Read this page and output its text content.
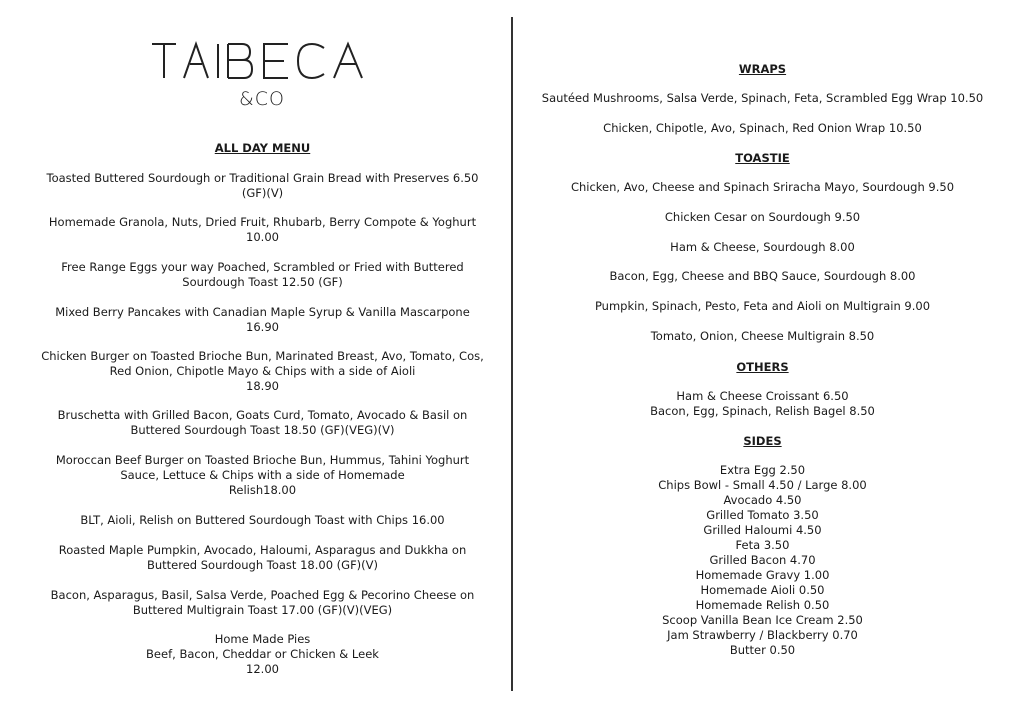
&CO
ALL DAY MENU
Toasted Buttered Sourdough or Traditional Grain Bread with Preserves 6.50
(GF)(V)
Homemade Granola, Nuts, Dried Fruit, Rhubarb, Berry Compote & Yoghurt
10.00
Free Range Eggs your way Poached, Scrambled or Fried with Buttered
Sourdough Toast 12.50 (GF)
Mixed Berry Pancakes with Canadian Maple Syrup & Vanilla Mascarpone
16.90
Chicken Burger on Toasted Brioche Bun, Marinated Breast, Avo, Tomato, Cos,
Red Onion, Chipotle Mayo & Chips with a side of Aioli
18.90
Bruschetta with Grilled Bacon, Goats Curd, Tomato, Avocado & Basil on
Buttered Sourdough Toast 18.50 (GF)(VEG)(V)
Moroccan Beef Burger on Toasted Brioche Bun, Hummus, Tahini Yoghurt
Sauce, Lettuce & Chips with a side of Homemade
Relish18.00
BLT, Aioli, Relish on Buttered Sourdough Toast with Chips 16.00
Roasted Maple Pumpkin, Avocado, Haloumi, Asparagus and Dukkha on
Buttered Sourdough Toast 18.00 (GF)(V)
Bacon, Asparagus, Basil, Salsa Verde, Poached Egg & Pecorino Cheese on
Buttered Multigrain Toast 17.00 (GF)(V)(VEG)
Home Made Pies
Beef, Bacon, Cheddar or Chicken & Leek
12.00
WRAPS
Sautéed Mushrooms, Salsa Verde, Spinach, Feta, Scrambled Egg Wrap 10.50
Chicken, Chipotle, Avo, Spinach, Red Onion Wrap 10.50
TOASTIE
Chicken, Avo, Cheese and Spinach Sriracha Mayo, Sourdough 9.50
Chicken Cesar on Sourdough 9.50
Ham & Cheese, Sourdough 8.00
Bacon, Egg, Cheese and BBQ Sauce, Sourdough 8.00
Pumpkin, Spinach, Pesto, Feta and Aioli on Multigrain 9.00
Tomato, Onion, Cheese Multigrain 8.50
OTHERS
Ham & Cheese Croissant 6.50
Bacon, Egg, Spinach, Relish Bagel 8.50
SIDES
Extra Egg 2.50
Chips Bowl - Small 4.50 / Large 8.00
Avocado 4.50
Grilled Tomato 3.50
Grilled Haloumi 4.50
Feta 3.50
Grilled Bacon 4.70
Homemade Gravy 1.00
Homemade Aioli 0.50
Homemade Relish 0.50
Scoop Vanilla Bean Ice Cream 2.50
Jam Strawberry / Blackberry 0.70
Butter 0.50
